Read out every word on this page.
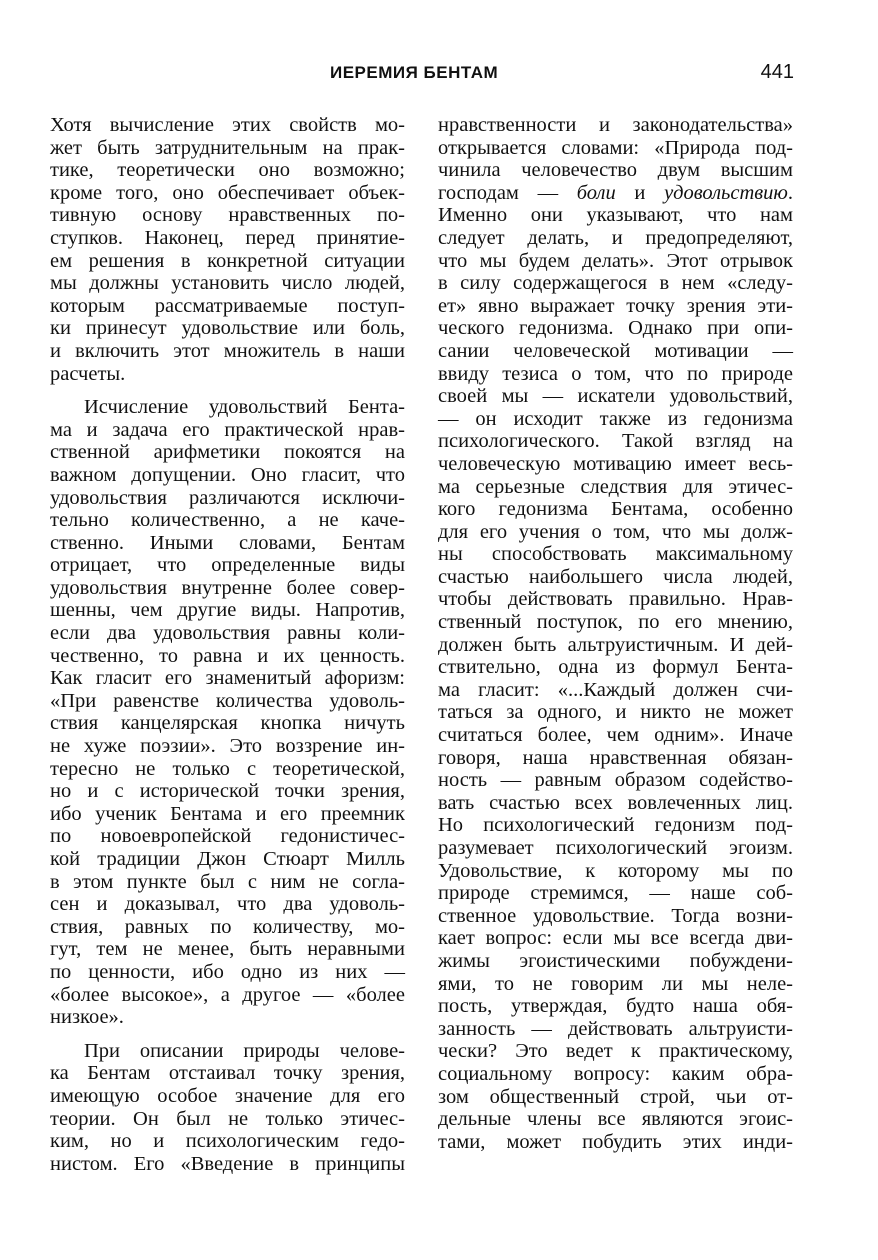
ИЕРЕМИЯ БЕНТАМ	441
Хотя вычисление этих свойств мо-
жет быть затруднительным на прак-
тике, теоретически оно возможно;
кроме того, оно обеспечивает объек-
тивную основу нравственных по-
ступков. Наконец, перед принятие-
ем решения в конкретной ситуации
мы должны установить число людей,
которым рассматриваемые поступ-
ки принесут удовольствие или боль,
и включить этот множитель в наши
расчеты.
Исчисление удовольствий Бента-
ма и задача его практической нрав-
ственной арифметики покоятся на
важном допущении. Оно гласит, что
удовольствия различаются исключи-
тельно количественно, а не каче-
ственно. Иными словами, Бентам
отрицает, что определенные виды
удовольствия внутренне более совер-
шенны, чем другие виды. Напротив,
если два удовольствия равны коли-
чественно, то равна и их ценность.
Как гласит его знаменитый афоризм:
«При равенстве количества удоволь-
ствия канцелярская кнопка ничуть
не хуже поэзии». Это воззрение ин-
тересно не только с теоретической,
но и с исторической точки зрения,
ибо ученик Бентама и его преемник
по новоевропейской гедонистичес-
кой традиции Джон Стюарт Милль
в этом пункте был с ним не согла-
сен и доказывал, что два удоволь-
ствия, равных по количеству, мо-
гут, тем не менее, быть неравными
по ценности, ибо одно из них —
«более высокое», а другое — «более
низкое».
При описании природы челове-
ка Бентам отстаивал точку зрения,
имеющую особое значение для его
теории. Он был не только этичес-
ким, но и психологическим гедо-
нистом. Его «Введение в принципы
нравственности и законодательства»
открывается словами: «Природа под-
чинила человечество двум высшим
господам — боли и удовольствию.
Именно они указывают, что нам
следует делать, и предопределяют,
что мы будем делать». Этот отрывок
в силу содержащегося в нем «следу-
ет» явно выражает точку зрения эти-
ческого гедонизма. Однако при опи-
сании человеческой мотивации —
ввиду тезиса о том, что по природе
своей мы — искатели удовольствий,
— он исходит также из гедонизма
психологического. Такой взгляд на
человеческую мотивацию имеет весь-
ма серьезные следствия для этичес-
кого гедонизма Бентама, особенно
для его учения о том, что мы долж-
ны способствовать максимальному
счастью наибольшего числа людей,
чтобы действовать правильно. Нрав-
ственный поступок, по его мнению,
должен быть альтруистичным. И дей-
ствительно, одна из формул Бента-
ма гласит: «...Каждый должен счи-
таться за одного, и никто не может
считаться более, чем одним». Иначе
говоря, наша нравственная обязан-
ность — равным образом содейство-
вать счастью всех вовлеченных лиц.
Но психологический гедонизм под-
разумевает психологический эгоизм.
Удовольствие, к которому мы по
природе стремимся, — наше соб-
ственное удовольствие. Тогда возни-
кает вопрос: если мы все всегда дви-
жимы эгоистическими побуждени-
ями, то не говорим ли мы неле-
пость, утверждая, будто наша обя-
занность — действовать альтруисти-
чески? Это ведет к практическому,
социальному вопросу: каким обра-
зом общественный строй, чьи от-
дельные члены все являются эгоис-
тами, может побудить этих инди-
